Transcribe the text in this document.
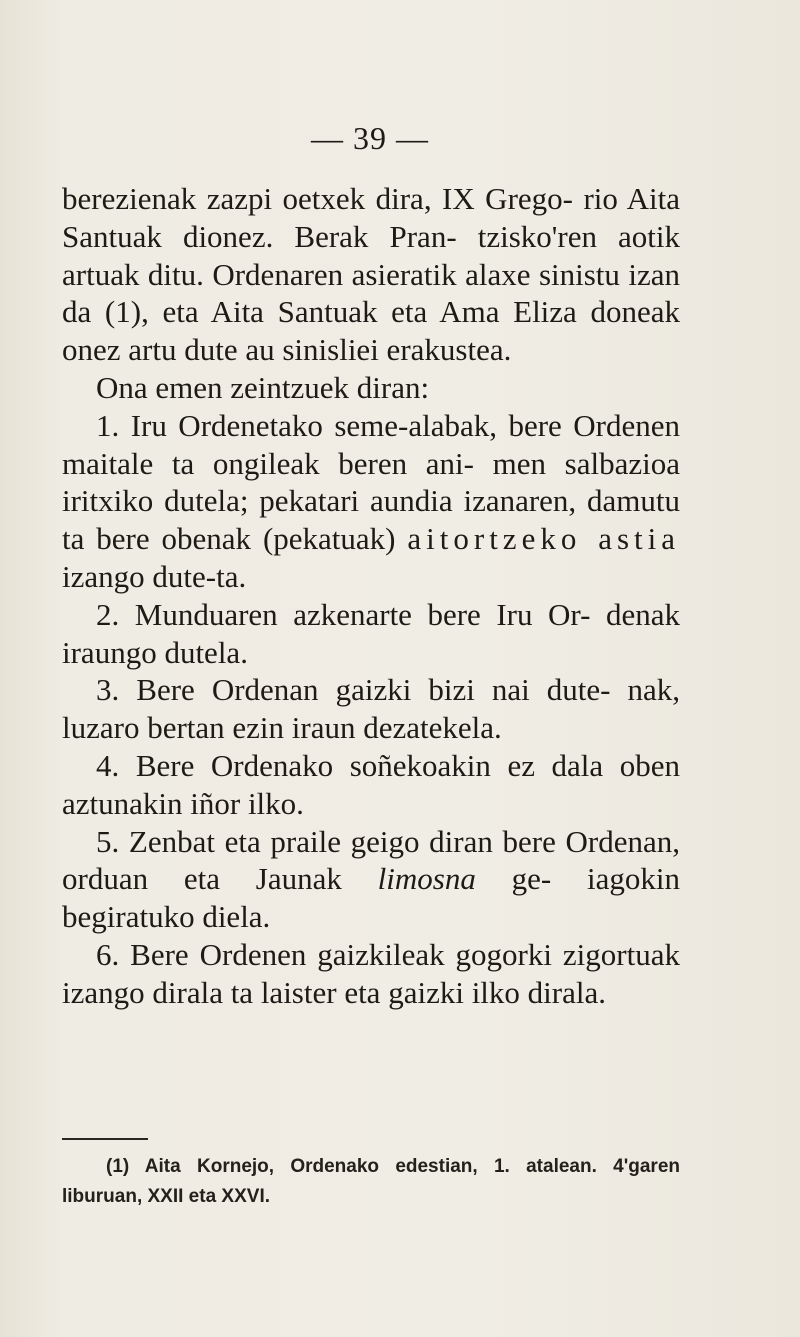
— 39 —

berezienak zazpi oetxek dira, IX Grego- rio Aita Santuak dionez. Berak Pran- tzisko'ren aotik artuak ditu. Ordenaren asieratik alaxe sinistu izan da (1), eta Aita Santuak eta Ama Eliza doneak onez artu dute au sinisliei erakustea.

Ona emen zeintzuek diran:

1. Iru Ordenetako seme-alabak, bere Ordenen maitale ta ongileak beren ani- men salbazioa iritxiko dutela; pekatari aundia izanaren, damutu ta bere obenak (pekatuak) aitortzeko astia izango dute-ta.

2. Munduaren azkenarte bere Iru Or- denak iraungo dutela.

3. Bere Ordenan gaizki bizi nai dute- nak, luzaro bertan ezin iraun dezatekela.

4. Bere Ordenako soñekoakin ez dala oben aztunakin iñor ilko.

5. Zenbat eta praile geigo diran bere Ordenan, orduan eta Jaunak limosna ge- iagokin begiratuko diela.

6. Bere Ordenen gaizkileak gogorki zigortuak izango dirala ta laister eta gaizki ilko dirala.

(1) Aita Kornejo, Ordenako edestian, 1. atalean. 4'garen liburuan, XXII eta XXVI.
